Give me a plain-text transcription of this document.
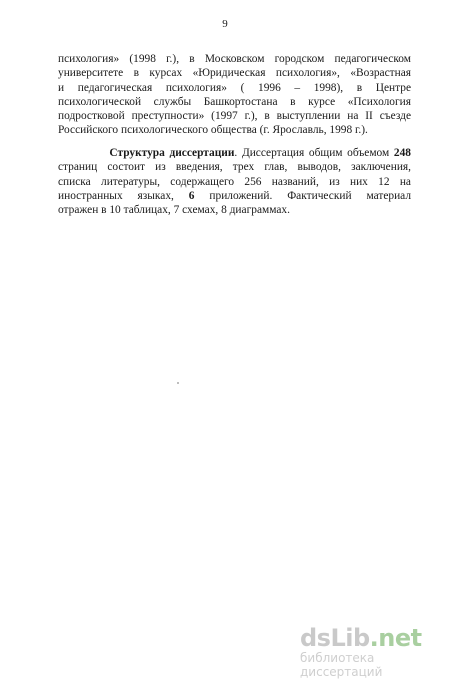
9
психология» (1998 г.), в Московском городском педагогическом
университете в курсах «Юридическая психология», «Возрастная
и педагогическая психология» ( 1996 – 1998), в Центре
психологической службы Башкортостана в курсе «Психология
подростковой преступности» (1997 г.), в выступлении на II съезде
Российского психологического общества (г. Ярославль, 1998 г.).
Структура диссертации. Диссертация общим объемом 248
страниц состоит из введения, трех глав, выводов, заключения,
списка литературы, содержащего 256 названий, из них 12 на
иностранных языках, 6 приложений. Фактический материал
отражен в 10 таблицах, 7 схемах, 8 диаграммах.
dsLib.net
библиотека диссертаций
